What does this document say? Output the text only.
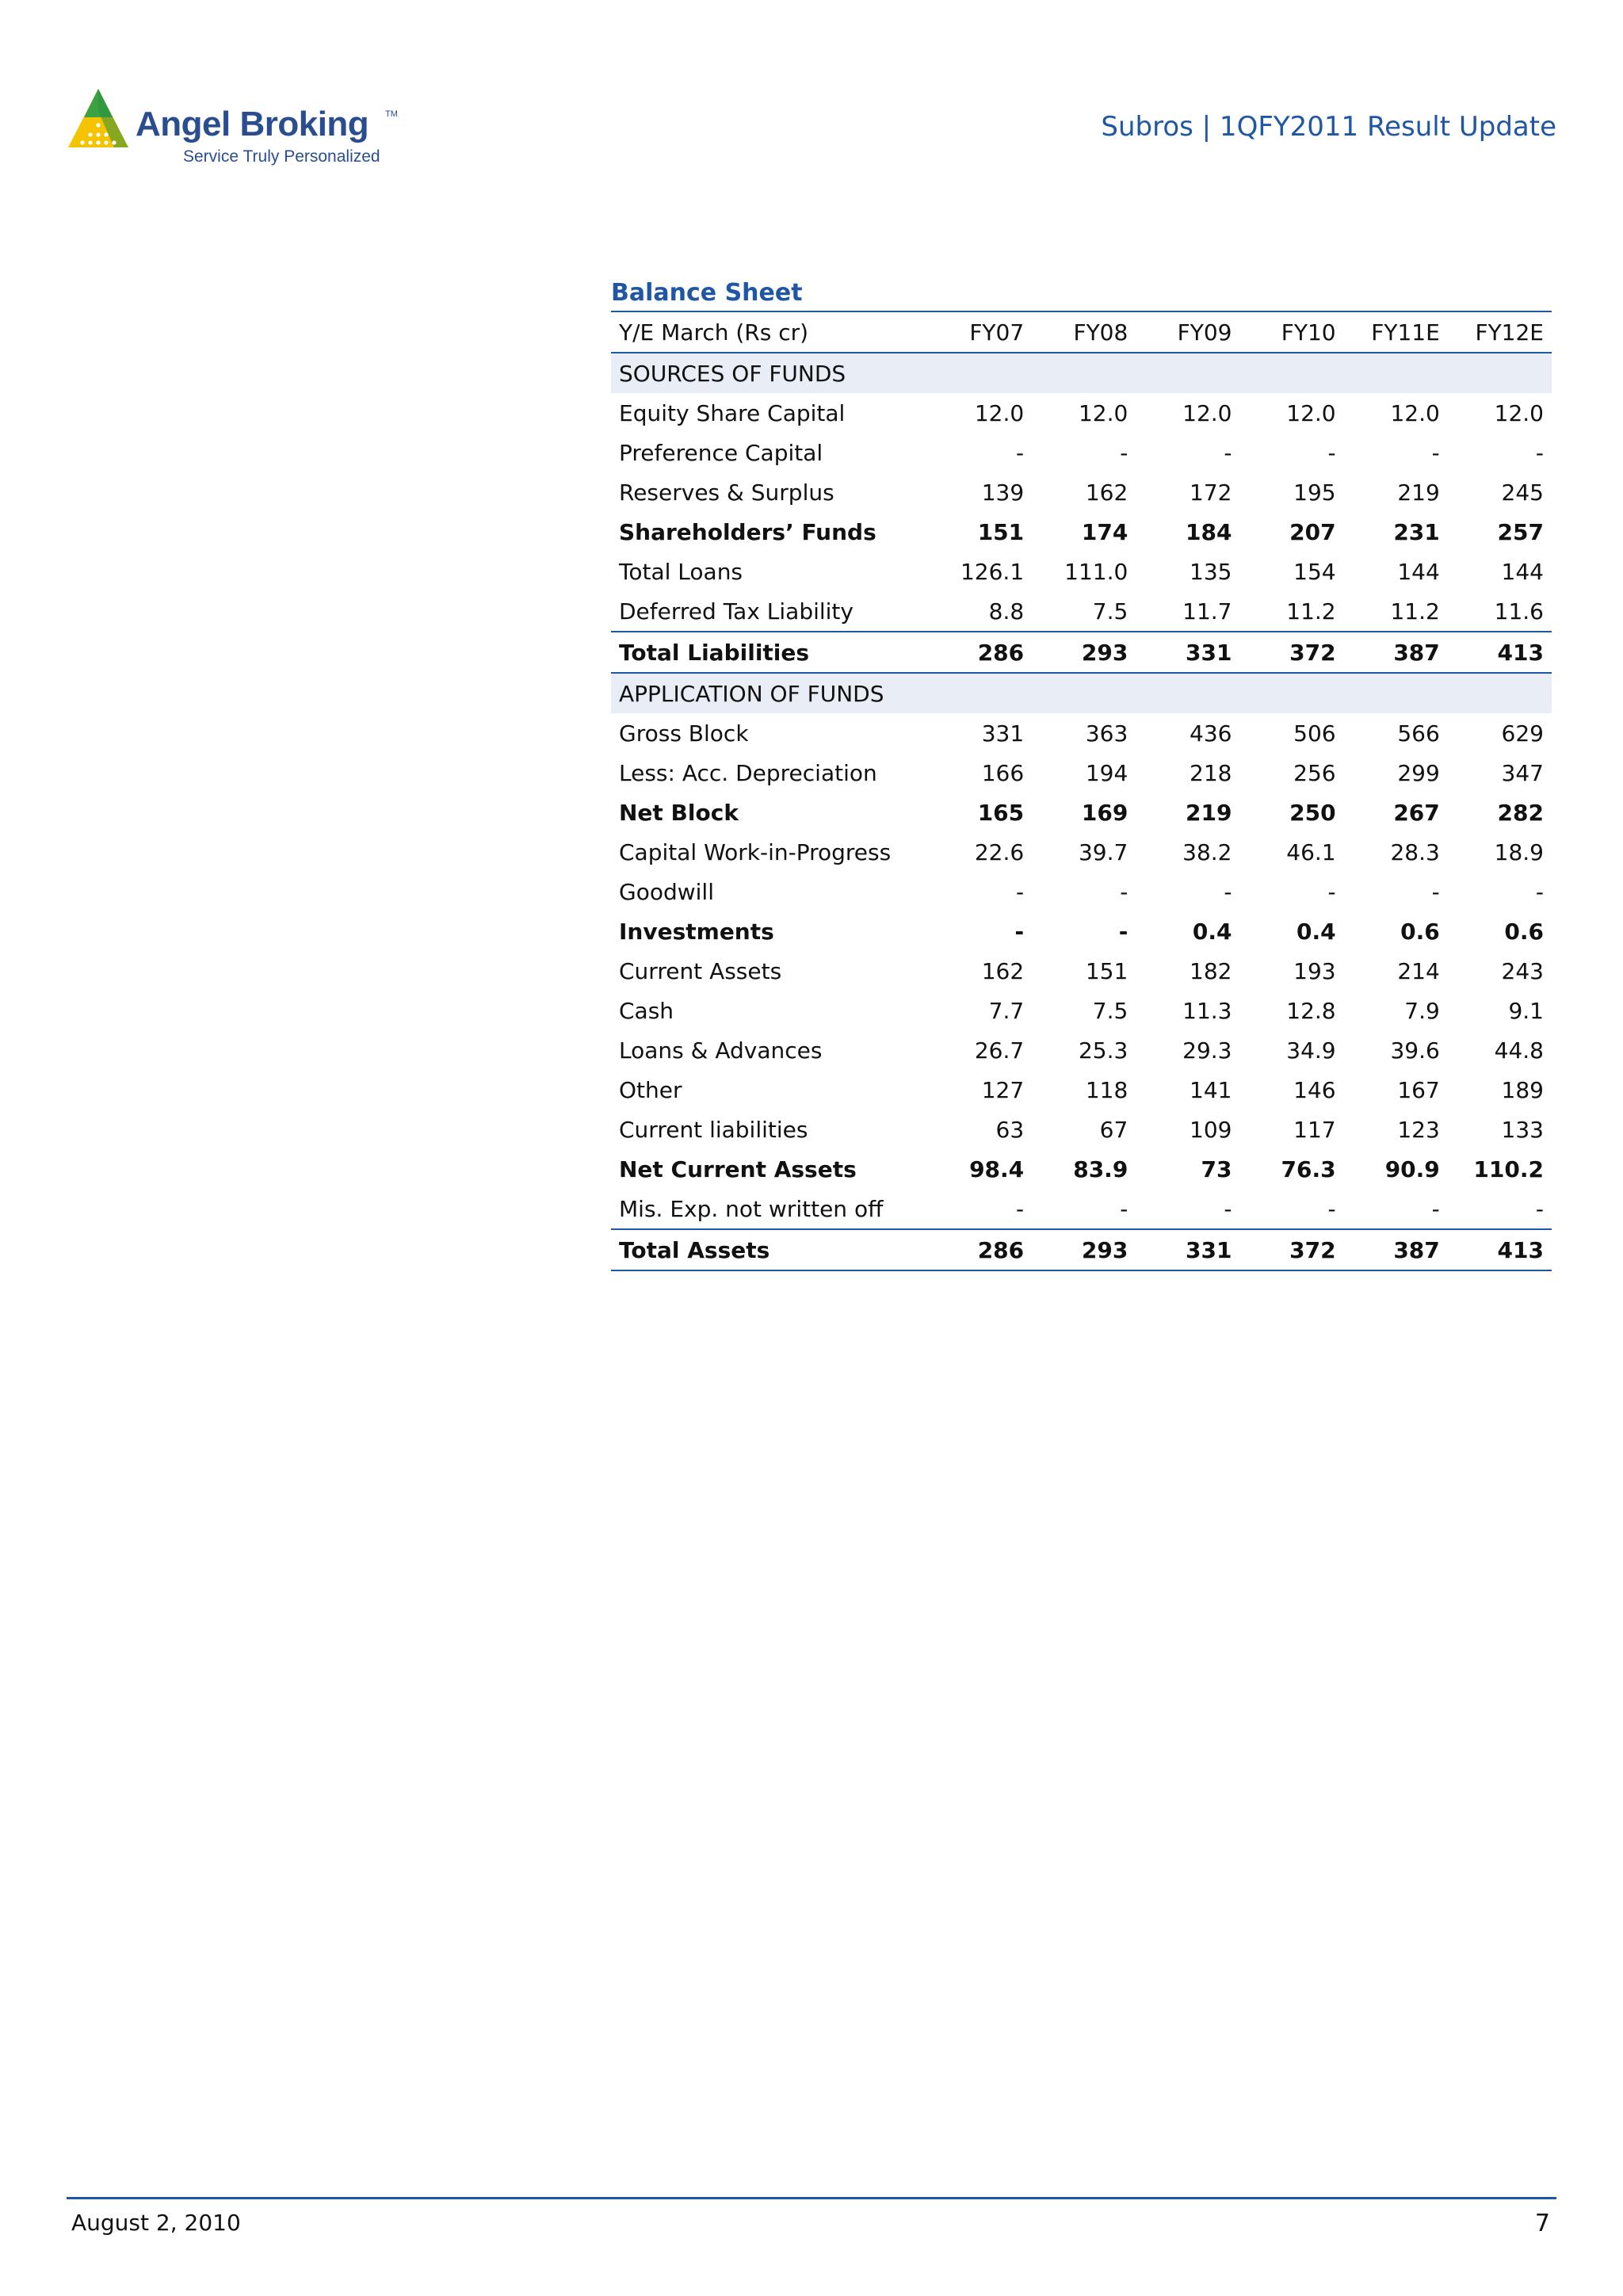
Angel Broking TM
Service Truly Personalized
Subros | 1QFY2011 Result Update
Balance Sheet
Y/E March (Rs cr)	FY07	FY08	FY09	FY10	FY11E	FY12E
SOURCES OF FUNDS						
Equity Share Capital	12.0	12.0	12.0	12.0	12.0	12.0
Preference Capital	-	-	-	-	-	-
Reserves & Surplus	139	162	172	195	219	245
Shareholders’ Funds	151	174	184	207	231	257
Total Loans	126.1	111.0	135	154	144	144
Deferred Tax Liability	8.8	7.5	11.7	11.2	11.2	11.6
Total Liabilities	286	293	331	372	387	413
APPLICATION OF FUNDS						
Gross Block	331	363	436	506	566	629
Less: Acc. Depreciation	166	194	218	256	299	347
Net Block	165	169	219	250	267	282
Capital Work-in-Progress	22.6	39.7	38.2	46.1	28.3	18.9
Goodwill	-	-	-	-	-	-
Investments	-	-	0.4	0.4	0.6	0.6
Current Assets	162	151	182	193	214	243
Cash	7.7	7.5	11.3	12.8	7.9	9.1
Loans & Advances	26.7	25.3	29.3	34.9	39.6	44.8
Other	127	118	141	146	167	189
Current liabilities	63	67	109	117	123	133
Net Current Assets	98.4	83.9	73	76.3	90.9	110.2
Mis. Exp. not written off	-	-	-	-	-	-
Total Assets	286	293	331	372	387	413
August 2, 2010	7
